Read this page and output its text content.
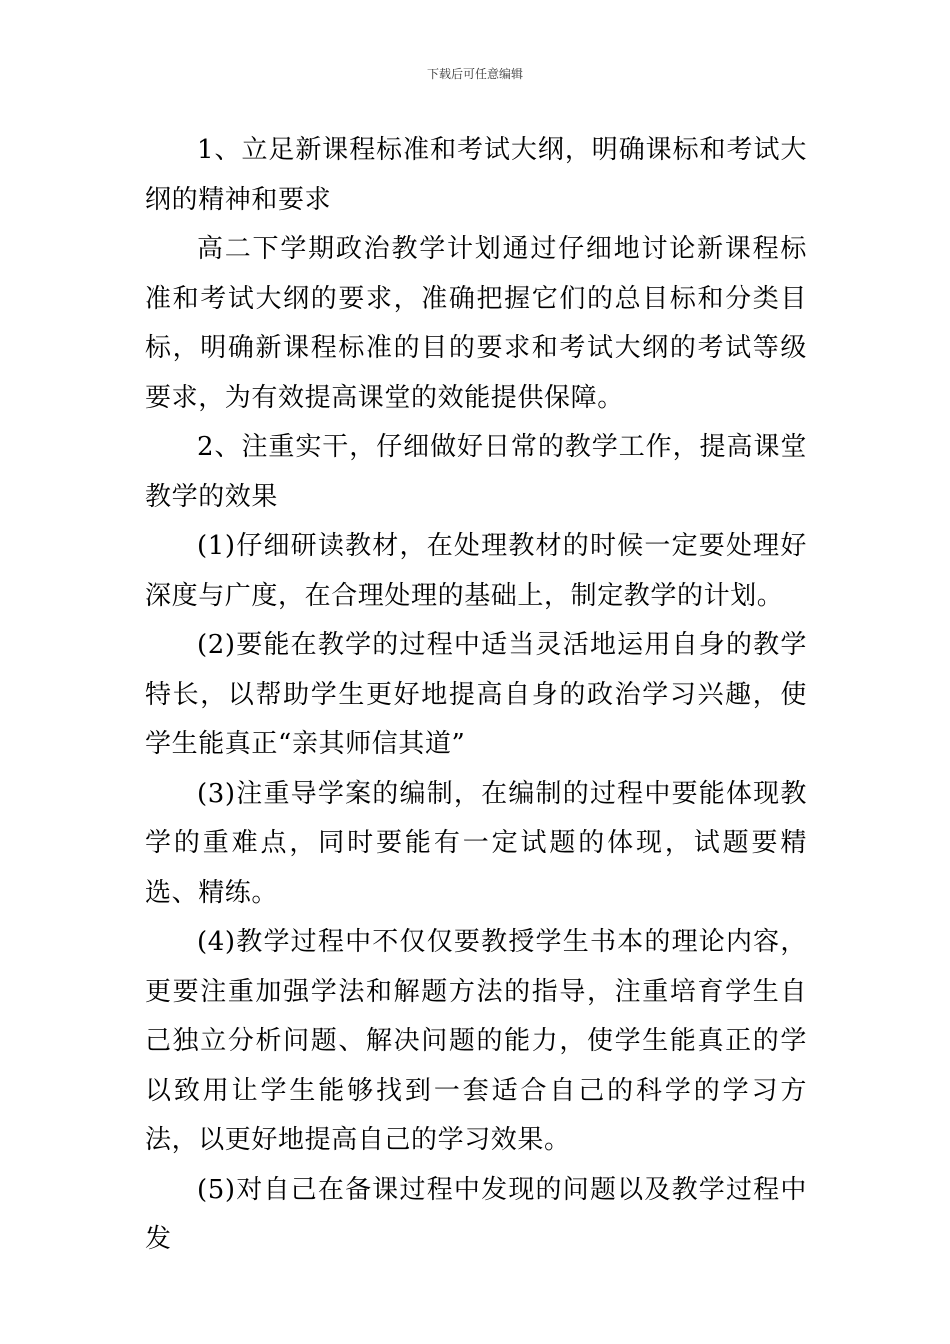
下载后可任意编辑

1、立足新课程标准和考试大纲，明确课标和考试大纲的精神和要求

高二下学期政治教学计划通过仔细地讨论新课程标准和考试大纲的要求，准确把握它们的总目标和分类目标，明确新课程标准的目的要求和考试大纲的考试等级要求，为有效提高课堂的效能提供保障。

2、注重实干，仔细做好日常的教学工作，提高课堂教学的效果

(1)仔细研读教材，在处理教材的时候一定要处理好深度与广度，在合理处理的基础上，制定教学的计划。

(2)要能在教学的过程中适当灵活地运用自身的教学特长，以帮助学生更好地提高自身的政治学习兴趣，使学生能真正“亲其师信其道”

(3)注重导学案的编制，在编制的过程中要能体现教学的重难点，同时要能有一定试题的体现，试题要精选、精练。

(4)教学过程中不仅仅要教授学生书本的理论内容，更要注重加强学法和解题方法的指导，注重培育学生自己独立分析问题、解决问题的能力，使学生能真正的学以致用让学生能够找到一套适合自己的科学的学习方法，以更好地提高自己的学习效果。

(5)对自己在备课过程中发现的问题以及教学过程中发
